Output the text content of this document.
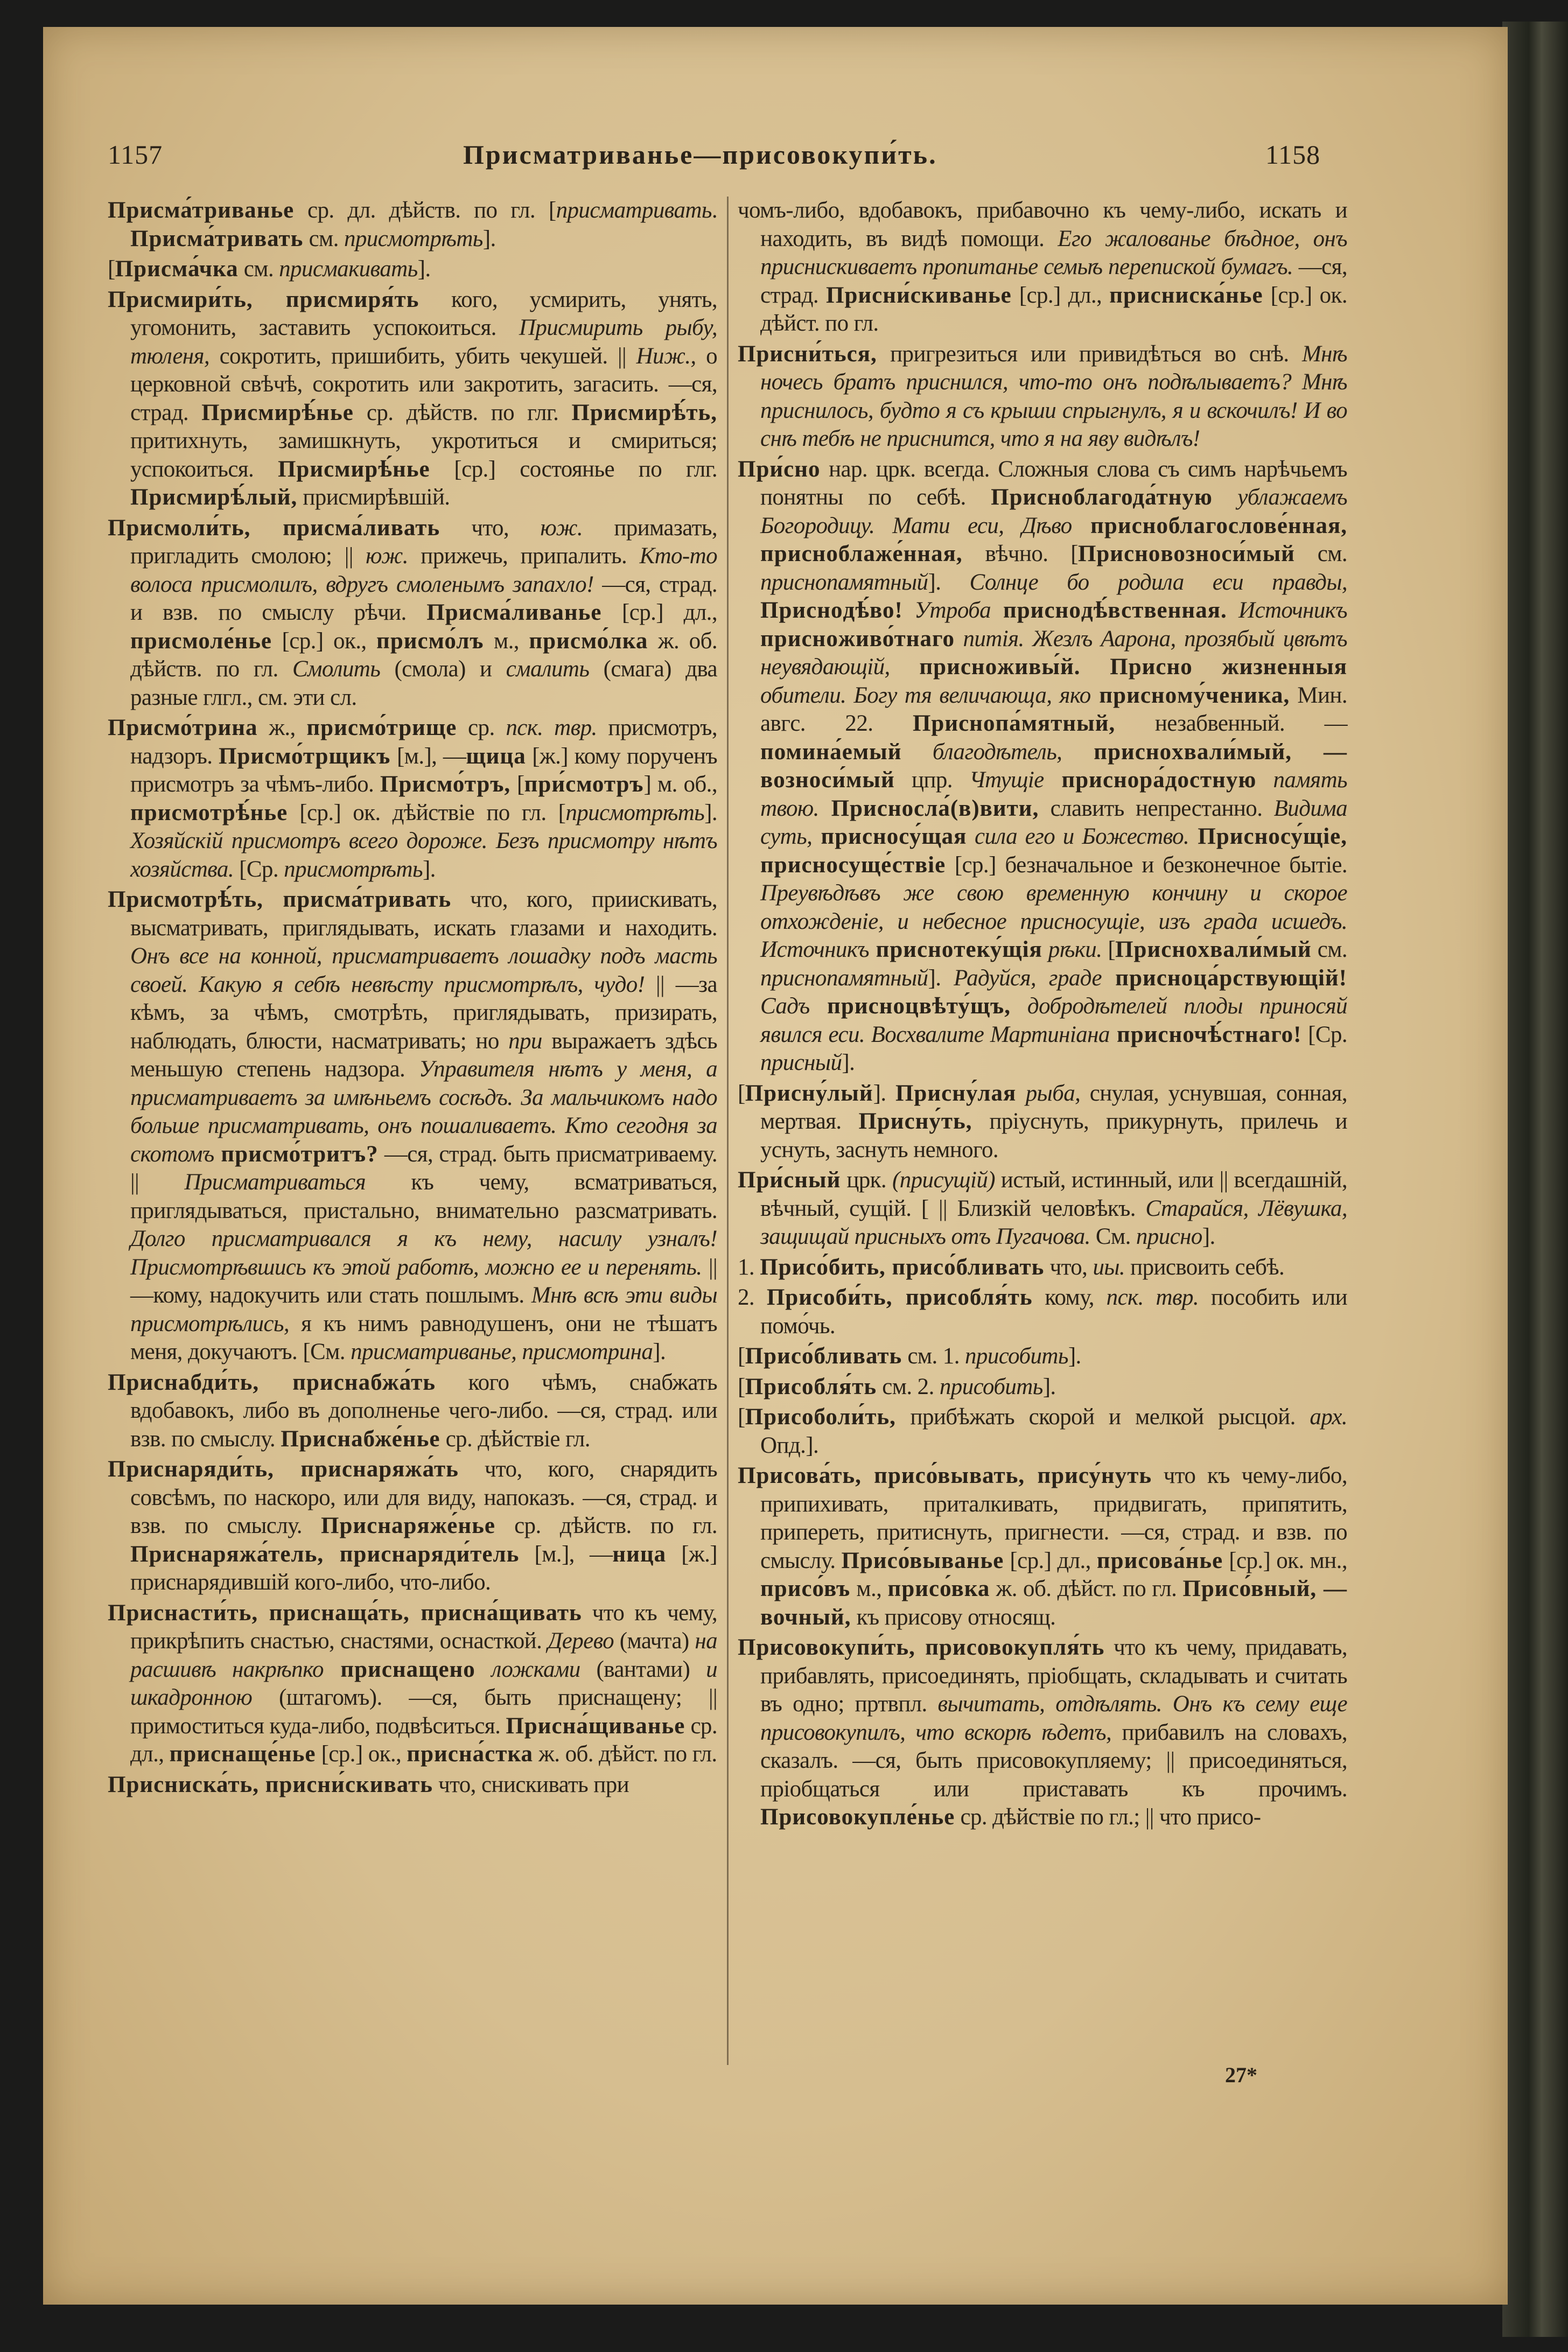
1157	Присматриванье—присовокупи́ть.	1158
Присма́триванье ср. дл. дѣйств. по гл. [присматривать. Присма́тривать см. присмотрѣть].
[Присма́чка см. присмакивать].
Присмири́ть, присмиря́ть кого, усмирить, унять, угомонить, заставить успокоиться. Присмирить рыбу, тюленя, сокротить, пришибить, убить чекушей. || Ниж., о церковной свѣчѣ, сокротить или закротить, загасить. —ся, страд. Присмирѣ́нье ср. дѣйств. по глг. Присмирѣ́ть, притихнуть, замишкнуть, укротиться и смириться; успокоиться. Присмирѣ́нье [ср.] состоянье по глг. Присмирѣ́лый, присмирѣвшій.
Присмоли́ть, присма́ливать что, юж. примазать, пригладить смолою; || юж. прижечь, припалить. Кто-то волоса присмолилъ, вдругъ смоленымъ запахло! —ся, страд. и взв. по смыслу рѣчи. Присма́ливанье [ср.] дл., присмоле́нье [ср.] ок., присмо́лъ м., присмо́лка ж. об. дѣйств. по гл. Смолить (смола) и смалить (смага) два разные глгл., см. эти сл.
Присмо́трина ж., присмо́трище ср. пск. твр. присмотръ, надзоръ. Присмо́трщикъ [м.], —щица [ж.] кому порученъ присмотръ за чѣмъ-либо. Присмо́тръ, [при́смотръ] м. об., присмотрѣ́нье [ср.] ок. дѣйствіе по гл. [присмотрѣть]. Хозяйскій присмотръ всего дороже. Безъ присмотру нѣтъ хозяйства. [Ср. присмотрѣть].
Присмотрѣ́ть, присма́тривать что, кого, приискивать, высматривать, приглядывать, искать глазами и находить. Онъ все на конной, присматриваетъ лошадку подъ масть своей. Какую я себѣ невѣсту присмотрѣлъ, чудо! || —за кѣмъ, за чѣмъ, смотрѣть, приглядывать, призирать, наблюдать, блюсти, насматривать; но при выражаетъ здѣсь меньшую степень надзора. Управителя нѣтъ у меня, а присматриваетъ за имѣньемъ сосѣдъ. За мальчикомъ надо больше присматривать, онъ пошаливаетъ. Кто сегодня за скотомъ присмо́тритъ? —ся, страд. быть присматриваему. || Присматриваться къ чему, всматриваться, приглядываться, пристально, внимательно разсматривать. Долго присматривался я къ нему, насилу узналъ! Присмотрѣвшись къ этой работѣ, можно ее и перенять. || —кому, надокучить или стать пошлымъ. Мнѣ всѣ эти виды присмотрѣлись, я къ нимъ равнодушенъ, они не тѣшатъ меня, докучаютъ. [См. присматриванье, присмотрина].
Приснабди́ть, приснабжа́ть кого чѣмъ, снабжать вдобавокъ, либо въ дополненье чего-либо. —ся, страд. или взв. по смыслу. Приснабже́нье ср. дѣйствіе гл.
Приснаряди́ть, приснаряжа́ть что, кого, снарядить совсѣмъ, по наскоро, или для виду, напоказъ. —ся, страд. и взв. по смыслу. Приснаряже́нье ср. дѣйств. по гл. Приснаряжа́тель, приснаряди́тель [м.], —ница [ж.] приснарядившій кого-либо, что-либо.
Приснасти́ть, приснаща́ть, присна́щивать что къ чему, прикрѣпить снастью, снастями, оснасткой. Дерево (мачта) на расшивѣ накрѣпко приснащено ложками (вантами) и шкадронною (штагомъ). —ся, быть приснащену; || примоститься куда-либо, подвѣситься. Присна́щиванье ср. дл., приснаще́нье [ср.] ок., присна́стка ж. об. дѣйст. по гл.
Присниска́ть, присни́скивать что, снискивать при
чомъ-либо, вдобавокъ, прибавочно къ чему-либо, искать и находить, въ видѣ помощи. Его жалованье бѣдное, онъ приснискиваетъ пропитанье семьѣ перепиской бумагъ. —ся, страд. Присни́скиванье [ср.] дл., присниска́нье [ср.] ок. дѣйст. по гл.
Присни́ться, пригрезиться или привидѣться во снѣ. Мнѣ ночесь братъ приснился, что-то онъ подѣлываетъ? Мнѣ приснилось, будто я съ крыши спрыгнулъ, я и вскочилъ! И во снѣ тебѣ не приснится, что я на яву видѣлъ!
При́сно нар. црк. всегда. Сложныя слова съ симъ нарѣчьемъ понятны по себѣ. Приснoблагода́тную ублажаемъ Богородицу. Мати еси, Дѣво приснoблагослове́нная, приснoблаже́нная, вѣчно. [Приснoвозноси́мый см. приснопамятный]. Солнце бо родила еси правды, Приснoдѣ́во! Утроба приснoдѣ́вственная. Источникъ приснoживо́тнаго питія. Жезлъ Аарона, прозябый цвѣтъ неувядающій, приснoживы́й. Присно жизненныя обители. Богу тя величающа, яко приснoму́ченика, Мин. авгс. 22. Приснoпа́мятный, незабвенный. —помина́емый благодѣтель, приснoхвали́мый, —вoзноси́мый цпр. Чтущіе приснора́достную память твою. Приснoсла́(в)вити, славить непрестанно. Видима суть, приснoсу́щая сила его и Божество. Приснoсу́щіе, приснoсуще́ствіе [ср.] безначальное и безконечное бытіе. Преувѣдѣвъ же свою временную кончину и скорое отхожденіе, и небесное приснoсущіе, изъ града исшедъ. Источникъ приснoтеку́щія рѣки. [Приснoхвали́мый см. приснопамятный]. Радуйся, граде приснoца́рствующій! Садъ приснoцвѣту́щъ, добродѣтелей плоды приносяй явился еси. Восхвалите Мартиніана присночѣ́стнаго! [Ср. присный].
[Присну́лый]. Присну́лая рыба, снулая, уснувшая, сонная, мертвая. Присну́ть, пріуснуть, прикурнуть, прилечь и уснуть, заснуть немного.
При́сный црк. (присущій) истый, истинный, или || всегдашній, вѣчный, сущій. [ || Близкій человѣкъ. Старайся, Лёвушка, защищай присныхъ отъ Пугачова. См. присно].
1. Присо́бить, присо́бливать что, иы. присвоить себѣ.
2. Присоби́ть, присобля́ть кому, пск. твр. пособить или помо́чь.
[Присо́бливать см. 1. присобить].
[Присобля́ть см. 2. присобить].
[Присоболи́ть, прибѣжать скорой и мелкой рысцой. арх. Опд.].
Присова́ть, присо́вывать, прису́нуть что къ чему-либо, припихивать, приталкивать, придвигать, припятить, припереть, притиснуть, пригнести. —ся, страд. и взв. по смыслу. Присо́вываньe [ср.] дл., присова́нье [ср.] ок. мн., присо́въ м., присо́вка ж. об. дѣйст. по гл. Присо́вный, —вочный, къ присову относящ.
Присовокупи́ть, присовокупля́ть что къ чему, придавать, прибавлять, присоединять, пріобщать, складывать и считать въ одно; пртвпл. вычитать, отдѣлять. Онъ къ сему еще присовокупилъ, что вскорѣ ѣдетъ, прибавилъ на словахъ, сказалъ. —ся, быть присовокупляему; || присоединяться, пріобщаться или приставать къ прочимъ. Присовокупле́нье ср. дѣйствіе по гл.; || что присо-
27*
